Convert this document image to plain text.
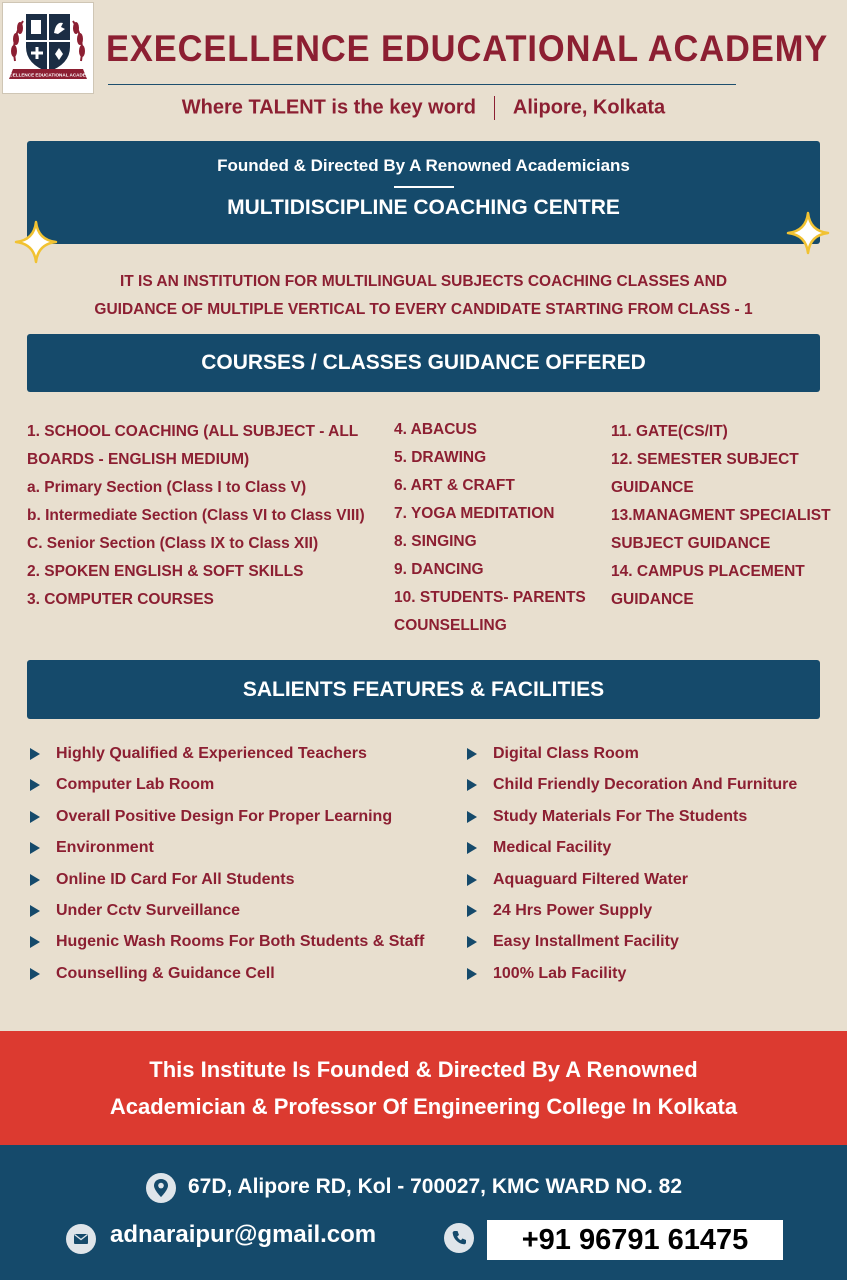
EXCELLENCE EDUCATIONAL ACADEMY
EXECELLENCE EDUCATIONAL ACADEMY
Where TALENT is the key word Alipore, Kolkata
Founded & Directed By A Renowned Academicians
MULTIDISCIPLINE COACHING CENTRE
IT IS AN INSTITUTION FOR MULTILINGUAL SUBJECTS COACHING CLASSES AND
GUIDANCE OF MULTIPLE VERTICAL TO EVERY CANDIDATE STARTING FROM CLASS - 1
COURSES / CLASSES GUIDANCE OFFERED
1. SCHOOL COACHING (ALL SUBJECT - ALL BOARDS - ENGLISH MEDIUM)
a. Primary Section (Class I to Class V)
b. Intermediate Section (Class VI to Class VIII)
C. Senior Section (Class IX to Class XII)
2. SPOKEN ENGLISH & SOFT SKILLS
3. COMPUTER COURSES
4. ABACUS
5. DRAWING
6. ART & CRAFT
7. YOGA MEDITATION
8. SINGING
9. DANCING
10. STUDENTS- PARENTS COUNSELLING
11. GATE(CS/IT)
12. SEMESTER SUBJECT GUIDANCE
13.MANAGMENT SPECIALIST SUBJECT GUIDANCE
14. CAMPUS PLACEMENT GUIDANCE
SALIENTS FEATURES & FACILITIES
Highly Qualified & Experienced Teachers
Computer Lab Room
Overall Positive Design For Proper Learning
Environment
Online ID Card For All Students
Under Cctv Surveillance
Hugenic Wash Rooms For Both Students & Staff
Counselling & Guidance Cell
Digital Class Room
Child Friendly Decoration And Furniture
Study Materials For The Students
Medical Facility
Aquaguard Filtered Water
24 Hrs Power Supply
Easy Installment Facility
100% Lab Facility
This Institute Is Founded & Directed By A Renowned
Academician & Professor Of Engineering College In Kolkata
67D, Alipore RD, Kol - 700027, KMC WARD NO. 82
adnaraipur@gmail.com	+91 96791 61475
